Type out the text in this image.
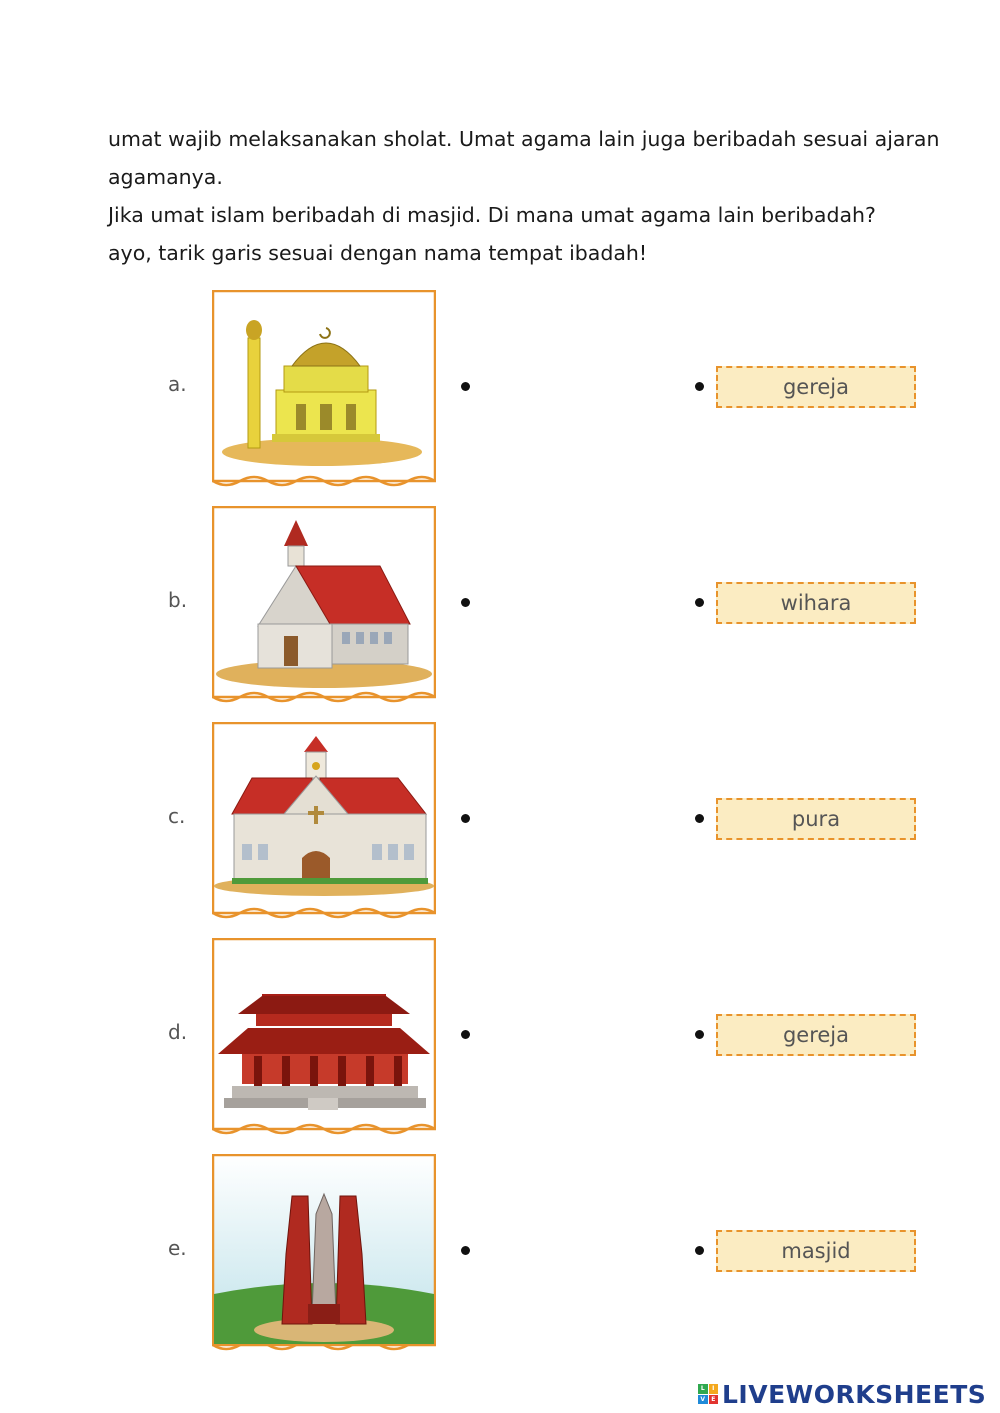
umat wajib melaksanakan sholat. Umat agama lain juga beribadah sesuai ajaran

agamanya.

Jika umat islam beribadah di masjid. Di mana umat agama lain beribadah?

ayo, tarik garis sesuai dengan nama tempat ibadah!

a.	gereja
b.	wihara
c.	pura
d.	gereja
e.	masjid
L	I
V	E LIVEWORKSHEETS
